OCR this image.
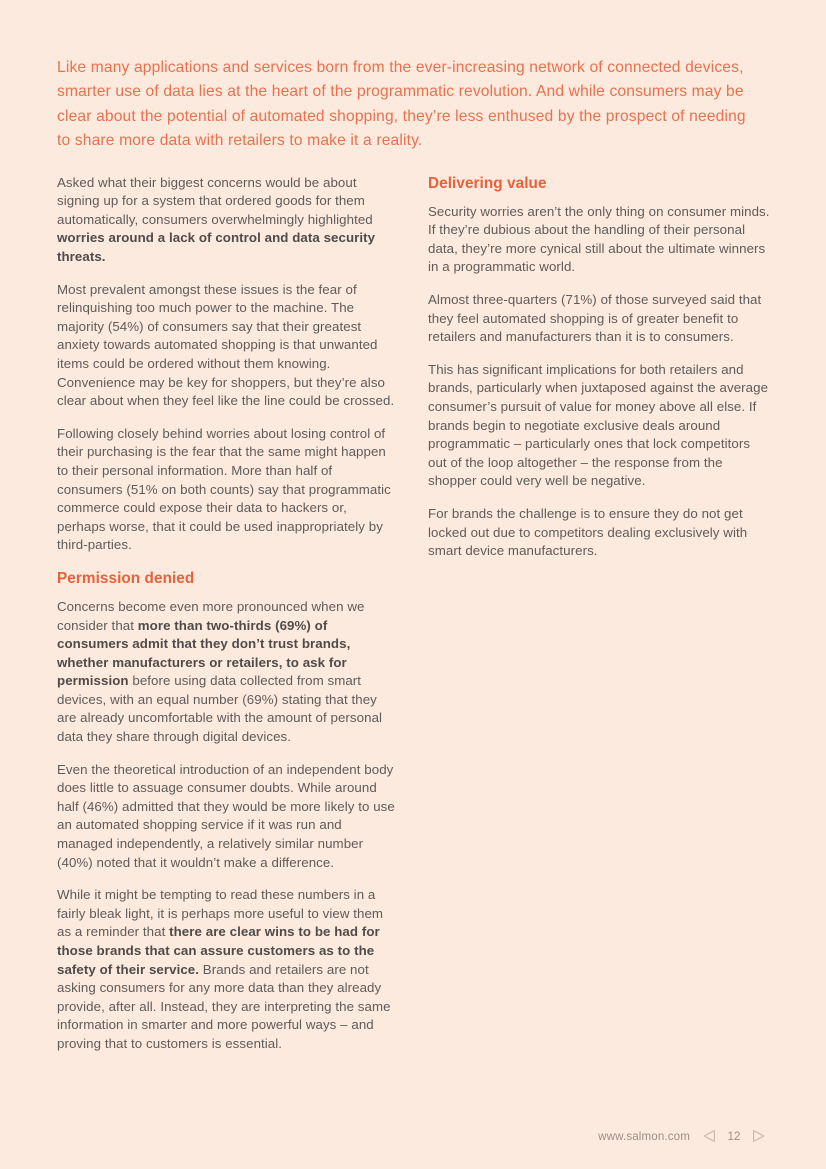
Like many applications and services born from the ever-increasing network of connected devices, smarter use of data lies at the heart of the programmatic revolution. And while consumers may be clear about the potential of automated shopping, they’re less enthused by the prospect of needing to share more data with retailers to make it a reality.

Asked what their biggest concerns would be about signing up for a system that ordered goods for them automatically, consumers overwhelmingly highlighted worries around a lack of control and data security threats.

Most prevalent amongst these issues is the fear of relinquishing too much power to the machine. The majority (54%) of consumers say that their greatest anxiety towards automated shopping is that unwanted items could be ordered without them knowing. Convenience may be key for shoppers, but they’re also clear about when they feel like the line could be crossed.

Following closely behind worries about losing control of their purchasing is the fear that the same might happen to their personal information. More than half of consumers (51% on both counts) say that programmatic commerce could expose their data to hackers or, perhaps worse, that it could be used inappropriately by third-parties.

Permission denied

Concerns become even more pronounced when we consider that more than two-thirds (69%) of consumers admit that they don’t trust brands, whether manufacturers or retailers, to ask for permission before using data collected from smart devices, with an equal number (69%) stating that they are already uncomfortable with the amount of personal data they share through digital devices.

Even the theoretical introduction of an independent body does little to assuage consumer doubts. While around half (46%) admitted that they would be more likely to use an automated shopping service if it was run and managed independently, a relatively similar number (40%) noted that it wouldn’t make a difference.

While it might be tempting to read these numbers in a fairly bleak light, it is perhaps more useful to view them as a reminder that there are clear wins to be had for those brands that can assure customers as to the safety of their service. Brands and retailers are not asking consumers for any more data than they already provide, after all. Instead, they are interpreting the same information in smarter and more powerful ways – and proving that to customers is essential.

Delivering value

Security worries aren’t the only thing on consumer minds. If they’re dubious about the handling of their personal data, they’re more cynical still about the ultimate winners in a programmatic world.

Almost three-quarters (71%) of those surveyed said that they feel automated shopping is of greater benefit to retailers and manufacturers than it is to consumers.

This has significant implications for both retailers and brands, particularly when juxtaposed against the average consumer’s pursuit of value for money above all else. If brands begin to negotiate exclusive deals around programmatic – particularly ones that lock competitors out of the loop altogether – the response from the shopper could very well be negative.

For brands the challenge is to ensure they do not get locked out due to competitors dealing exclusively with smart device manufacturers.

www.salmon.com	12
